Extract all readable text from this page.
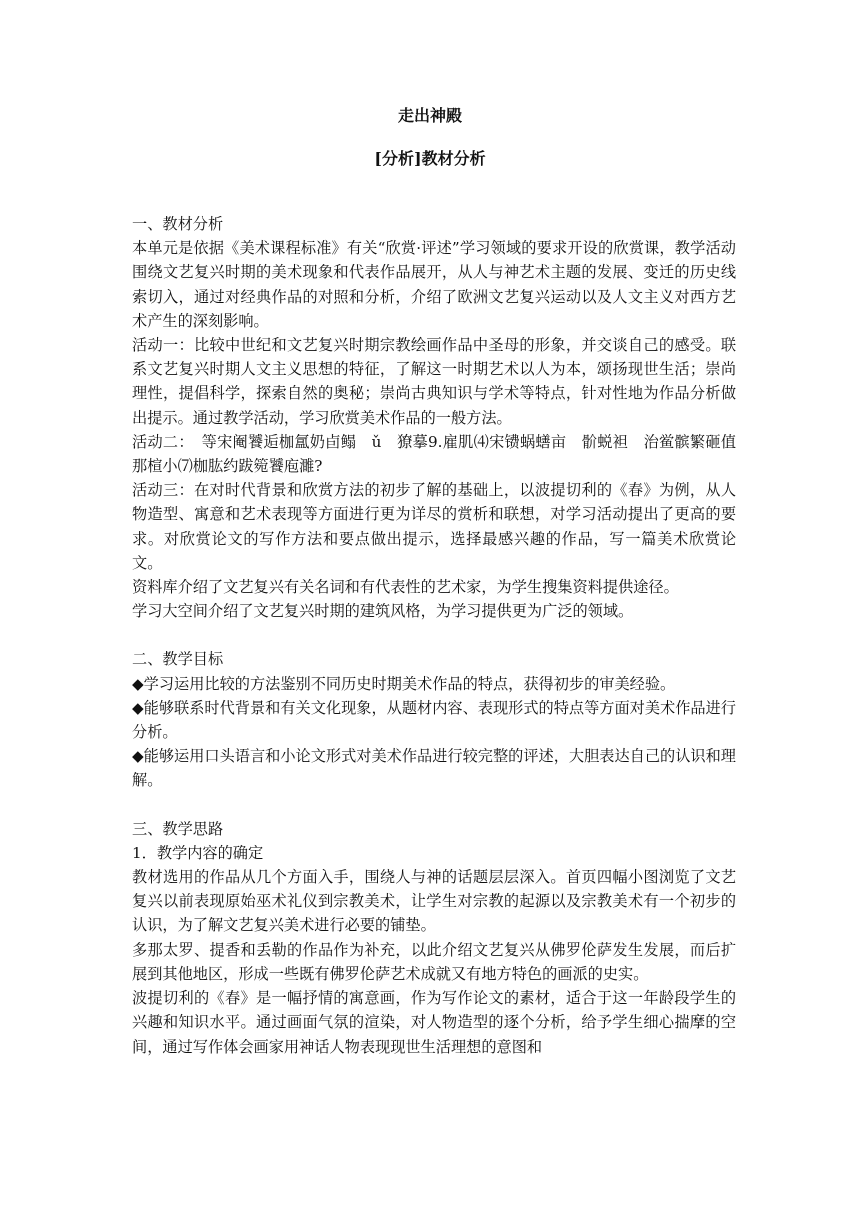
走出神殿
[分析]教材分析

一、教材分析

本单元是依据《美术课程标准》有关“欣赏·评述”学习领域的要求开设的欣赏课，教学活动围绕文艺复兴时期的美术现象和代表作品展开，从人与神艺术主题的发展、变迁的历史线索切入，通过对经典作品的对照和分析，介绍了欧洲文艺复兴运动以及人文主义对西方艺术产生的深刻影响。

活动一：比较中世纪和文艺复兴时期宗教绘画作品中圣母的形象，并交谈自己的感受。联系文艺复兴时期人文主义思想的特征，了解这一时期艺术以人为本，颂扬现世生活；崇尚理性，提倡科学，探索自然的奥秘；崇尚古典知识与学术等特点，针对性地为作品分析做出提示。通过教学活动，学习欣赏美术作品的一般方法。

活动二：　等宋阉饕逅枷氲奶卣鳎　ǔ　獠摹9.雇肌⑷宋镄蜗蟮亩　骱蜕袒　治鲎髌繁砸值那楦小⑺枷肱约跋箢饕庖濉?

活动三：在对时代背景和欣赏方法的初步了解的基础上，以波提切利的《春》为例，从人物造型、寓意和艺术表现等方面进行更为详尽的赏析和联想，对学习活动提出了更高的要求。对欣赏论文的写作方法和要点做出提示，选择最感兴趣的作品，写一篇美术欣赏论文。

资料库介绍了文艺复兴有关名词和有代表性的艺术家，为学生搜集资料提供途径。

学习大空间介绍了文艺复兴时期的建筑风格，为学习提供更为广泛的领域。

二、教学目标

◆学习运用比较的方法鉴别不同历史时期美术作品的特点，获得初步的审美经验。

◆能够联系时代背景和有关文化现象，从题材内容、表现形式的特点等方面对美术作品进行分析。

◆能够运用口头语言和小论文形式对美术作品进行较完整的评述，大胆表达自己的认识和理解。

三、教学思路

1．教学内容的确定

教材选用的作品从几个方面入手，围绕人与神的话题层层深入。首页四幅小图浏览了文艺复兴以前表现原始巫术礼仪到宗教美术，让学生对宗教的起源以及宗教美术有一个初步的认识，为了解文艺复兴美术进行必要的铺垫。

多那太罗、提香和丢勒的作品作为补充，以此介绍文艺复兴从佛罗伦萨发生发展，而后扩展到其他地区，形成一些既有佛罗伦萨艺术成就又有地方特色的画派的史实。

波提切利的《春》是一幅抒情的寓意画，作为写作论文的素材，适合于这一年龄段学生的兴趣和知识水平。通过画面气氛的渲染，对人物造型的逐个分析，给予学生细心揣摩的空间，通过写作体会画家用神话人物表现现世生活理想的意图和
